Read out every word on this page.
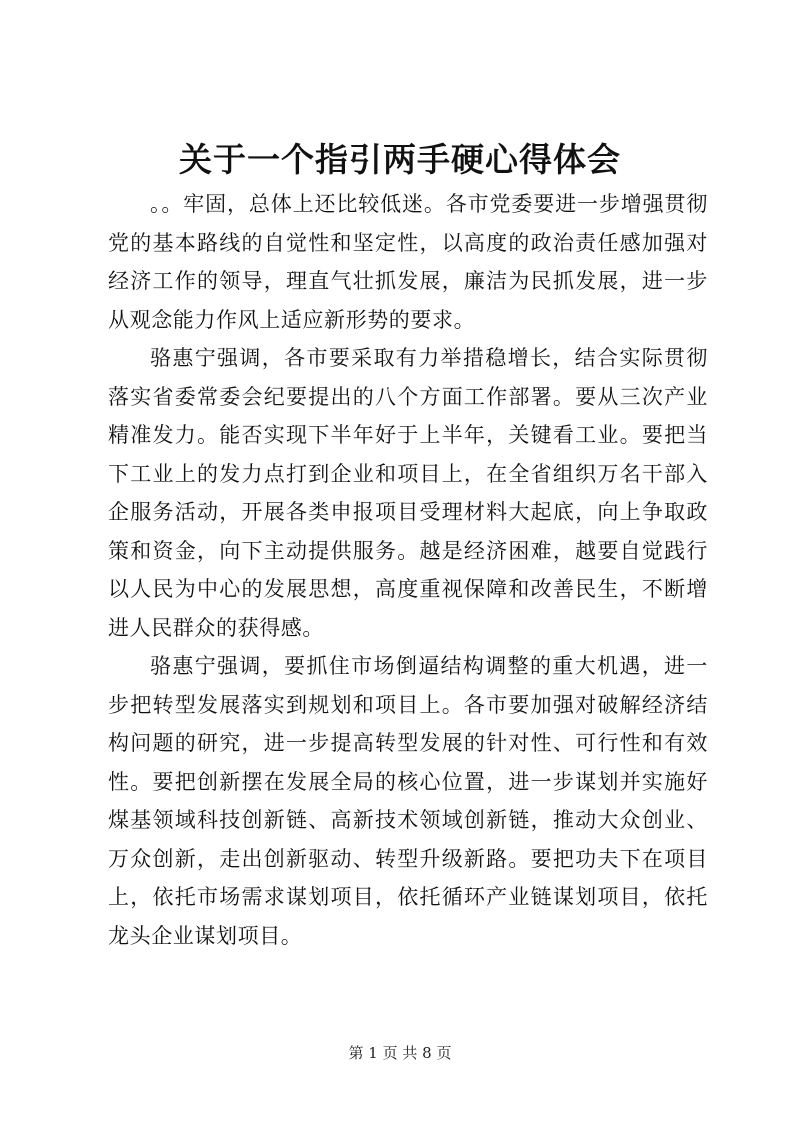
关于一个指引两手硬心得体会

。。牢固，总体上还比较低迷。各市党委要进一步增强贯彻党的基本路线的自觉性和坚定性，以高度的政治责任感加强对经济工作的领导，理直气壮抓发展，廉洁为民抓发展，进一步从观念能力作风上适应新形势的要求。

骆惠宁强调，各市要采取有力举措稳增长，结合实际贯彻落实省委常委会纪要提出的八个方面工作部署。要从三次产业精准发力。能否实现下半年好于上半年，关键看工业。要把当下工业上的发力点打到企业和项目上，在全省组织万名干部入企服务活动，开展各类申报项目受理材料大起底，向上争取政策和资金，向下主动提供服务。越是经济困难，越要自觉践行以人民为中心的发展思想，高度重视保障和改善民生，不断增进人民群众的获得感。

骆惠宁强调，要抓住市场倒逼结构调整的重大机遇，进一步把转型发展落实到规划和项目上。各市要加强对破解经济结构问题的研究，进一步提高转型发展的针对性、可行性和有效性。要把创新摆在发展全局的核心位置，进一步谋划并实施好煤基领域科技创新链、高新技术领域创新链，推动大众创业、万众创新，走出创新驱动、转型升级新路。要把功夫下在项目上，依托市场需求谋划项目，依托循环产业链谋划项目，依托龙头企业谋划项目。

第 1 页 共 8 页
